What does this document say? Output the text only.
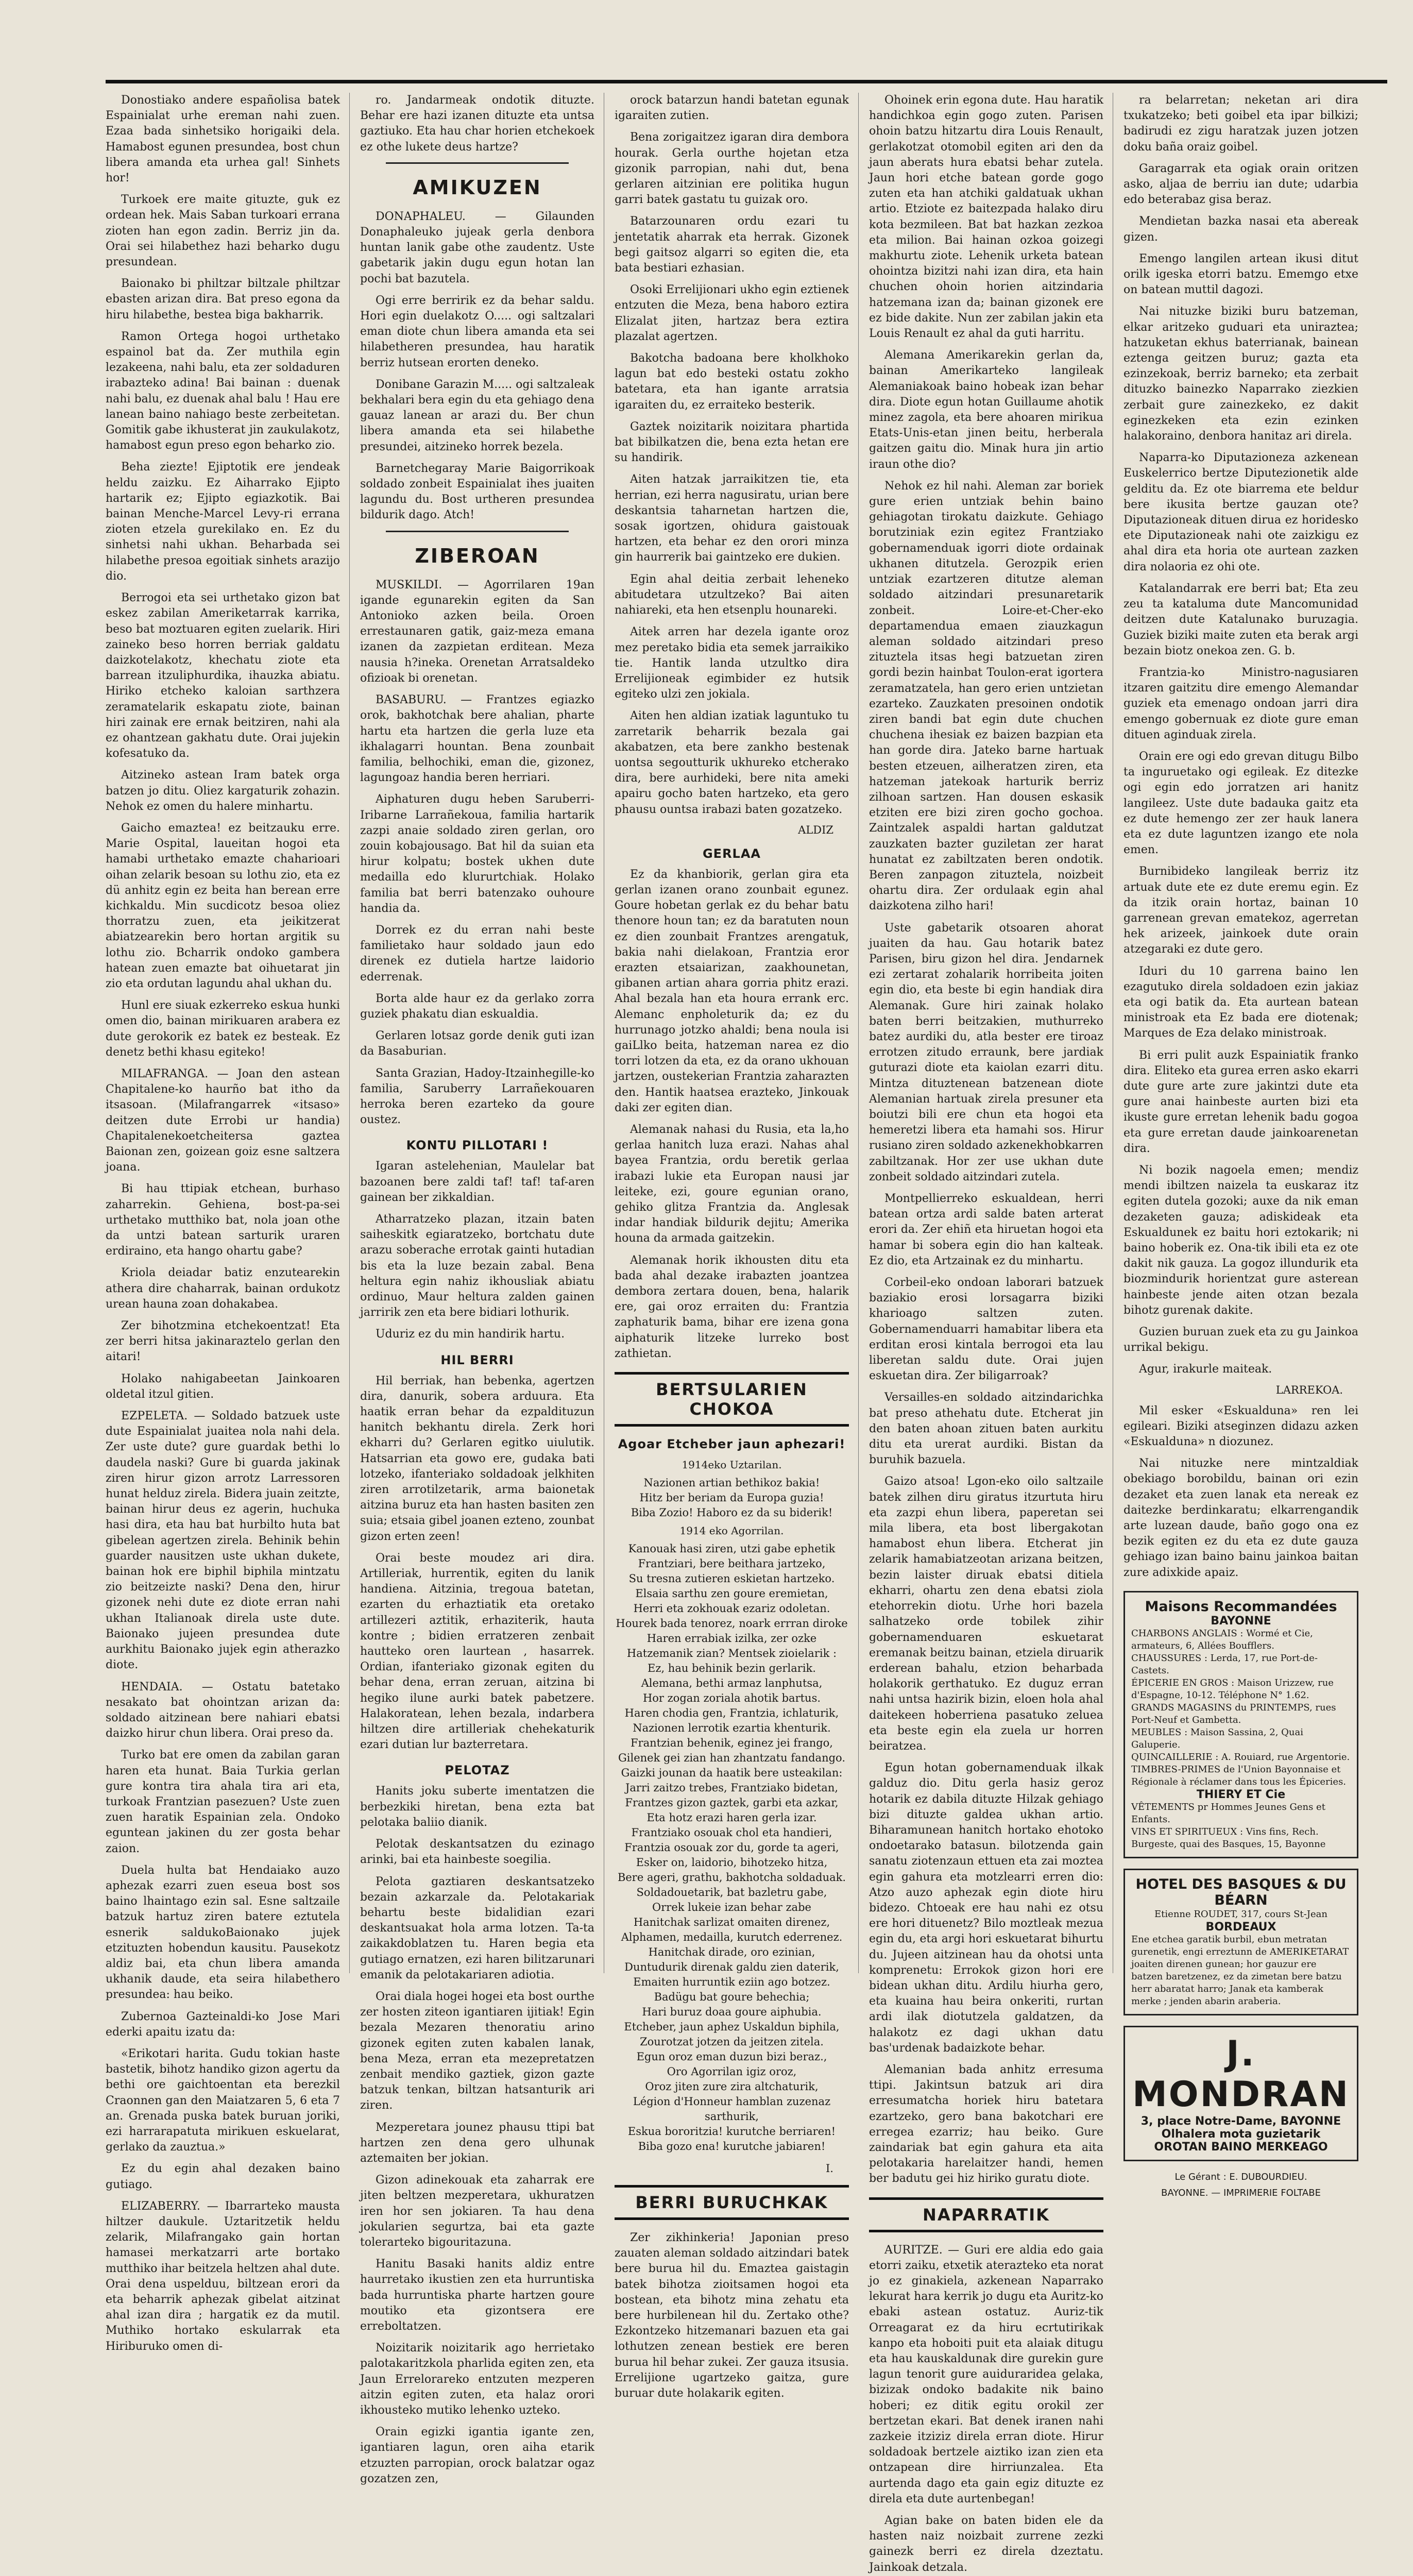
Donostiako andere españolisa batek Espainialat urhe ereman nahi zuen. Ezaa bada sinhetsiko horigaiki dela. Hamabost egunen presundea, bost chun libera amanda eta urhea gal! Sinhets hor!

Turkoek ere maite gituzte, guk ez ordean hek. Mais Saban turkoari errana zioten han egon zadin. Berriz jin da. Orai sei hilabethez hazi beharko dugu presundean.

Baionako bi philtzar biltzale philtzar ebasten arizan dira. Bat preso egona da hiru hilabethe, bestea biga bakharrik.

Ramon Ortega hogoi urthetako espainol bat da. Zer muthila egin lezakeena, nahi balu, eta zer soldaduren irabazteko adina! Bai bainan : duenak nahi balu, ez duenak ahal balu ! Hau ere lanean baino nahiago beste zerbeitetan. Gomitik gabe ikhusterat jin zaukulakotz, hamabost egun preso egon beharko zio.

Beha ziezte! Ejiptotik ere jendeak heldu zaizku. Ez Aiharrako Ejipto hartarik ez; Ejipto egiazkotik. Bai bainan Menche-Marcel Levy-ri errana zioten etzela gurekilako en. Ez du sinhetsi nahi ukhan. Beharbada sei hilabethe presoa egoitiak sinhets arazijo dio.

Berrogoi eta sei urthetako gizon bat eskez zabilan Ameriketarrak karrika, beso bat moztuaren egiten zuelarik. Hiri zaineko beso horren berriak galdatu daizkotelakotz, khechatu ziote eta barrean itzuliphurdika, ihauzka abiatu. Hiriko etcheko kaloian sarthzera zeramatelarik eskapatu ziote, bainan hiri zainak ere ernak beitziren, nahi ala ez ohantzean gakhatu dute. Orai jujekin kofesatuko da.

Aitzineko astean Iram batek orga batzen jo ditu. Oliez kargaturik zohazin. Nehok ez omen du halere minhartu.

Gaicho emaztea! ez beitzauku erre. Marie Ospital, laueitan hogoi eta hamabi urthetako emazte chaharioari oihan zelarik besoan su lothu zio, eta ez dü anhitz egin ez beita han berean erre kichkaldu. Min sucdicotz besoa oliez thorratzu zuen, eta jeikitzerat abiatzearekin bero hortan argitik su lothu zio. Bcharrik ondoko gambera hatean zuen emazte bat oihuetarat jin zio eta ordutan lagundu ahal ukhan du.

Hunl ere siuak ezkerreko eskua hunki omen dio, bainan mirikuaren arabera ez dute gerokorik ez batek ez besteak. Ez denetz bethi khasu egiteko!

MILAFRANGA. — Joan den astean Chapitalene-ko haurño bat itho da itsasoan. (Milafrangarrek «itsaso» deitzen dute Errobi ur handia) Chapitalenekoetcheitersa gaztea Baionan zen, goizean goiz esne saltzera joana.

Bi hau ttipiak etchean, burhaso zaharrekin. Gehiena, bost-pa-sei urthetako mutthiko bat, nola joan othe da untzi batean sarturik uraren erdiraino, eta hango ohartu gabe?

Kriola deiadar batiz enzutearekin athera dire chaharrak, bainan ordukotz urean hauna zoan dohakabea.

Zer bihotzmina etchekoentzat! Eta zer berri hitsa jakinaraztelo gerlan den aitari!

Holako nahigabeetan Jainkoaren oldetal itzul gitien.

EZPELETA. — Soldado batzuek uste dute Espainialat juaitea nola nahi dela. Zer uste dute? gure guardak bethi lo daudela naski? Gure bi guarda jakinak ziren hirur gizon arrotz Larressoren hunat helduz zirela. Bidera juain zeitzte, bainan hirur deus ez agerin, huchuka hasi dira, eta hau bat hurbilto huta bat gibelean agertzen zirela. Behinik behin guarder nausitzen uste ukhan dukete, bainan hok ere biphil biphila mintzatu zio beitzeizte naski? Dena den, hirur gizonek nehi dute ez diote erran nahi ukhan Italianoak direla uste dute. Baionako jujeen presundea dute aurkhitu Baionako jujek egin atherazko diote.

HENDAIA. — Ostatu batetako nesakato bat ohointzan arizan da: soldado aitzinean bere nahiari ebatsi daizko hirur chun libera. Orai preso da.

Turko bat ere omen da zabilan garan haren eta hunat. Baia Turkia gerlan gure kontra tira ahala tira ari eta, turkoak Frantzian pasezuen? Uste zuen zuen haratik Espainian zela. Ondoko eguntean jakinen du zer gosta behar zaion.

Duela hulta bat Hendaiako auzo aphezak ezarri zuen eseua bost sos baino lhaintago ezin sal. Esne saltzaile batzuk hartuz ziren batere eztutela esnerik saldukoBaionako jujek etzituzten hobendun kausitu. Pausekotz aldiz bai, eta chun libera amanda ukhanik daude, eta seira hilabethero presundea: hau beiko.

Zubernoa Gazteinaldi-ko Jose Mari ederki apaitu izatu da:

«Erikotari harita. Gudu tokian haste bastetik, bihotz handiko gizon agertu da bethi ore gaichtoentan eta berezkil Craonnen gan den Maiatzaren 5, 6 eta 7 an. Grenada puska batek buruan joriki, ezi harrarapatuta mirikuen eskuelarat, gerlako da zauztua.»

Ez du egin ahal dezaken baino gutiago.

ELIZABERRY. — Ibarrarteko mausta hiltzer daukule. Uztaritzetik heldu zelarik, Milafrangako gain hortan hamasei merkatzarri arte bortako mutthiko ihar beitzela heltzen ahal dute. Orai dena uspelduu, biltzean erori da eta beharrik aphezak gibelat aitzinat ahal izan dira ; hargatik ez da mutil. Muthiko hortako eskularrak eta Hiriburuko omen di-

ro. Jandarmeak ondotik dituzte. Behar ere hazi izanen dituzte eta untsa gaztiuko. Eta hau char horien etchekoek ez othe lukete deus hartze?

AMIKUZEN

DONAPHALEU. — Gilaunden Donaphaleuko jujeak gerla denbora huntan lanik gabe othe zaudentz. Uste gabetarik jakin dugu egun hotan lan pochi bat bazutela.

Ogi erre berririk ez da behar saldu. Hori egin duelakotz O..... ogi saltzalari eman diote chun libera amanda eta sei hilabetheren presundea, hau haratik berriz hutsean erorten deneko.

Donibane Garazin M..... ogi saltzaleak bekhalari bera egin du eta gehiago dena gauaz lanean ar arazi du. Ber chun libera amanda eta sei hilabethe presundei, aitzineko horrek bezela.

Barnetchegaray Marie Baigorrikoak soldado zonbeit Espainialat ihes juaiten lagundu du. Bost urtheren presundea bildurik dago. Atch!

ZIBEROAN

MUSKILDI. — Agorrilaren 19an igande egunarekin egiten da San Antonioko azken beila. Oroen errestaunaren gatik, gaiz-meza emana izanen da zazpietan erditean. Meza nausia h?ineka. Orenetan Arratsaldeko ofizioak bi orenetan.

BASABURU. — Frantzes egiazko orok, bakhotchak bere ahalian, pharte hartu eta hartzen die gerla luze eta ikhalagarri hountan. Bena zounbait familia, belhochiki, eman die, gizonez, lagungoaz handia beren herriari.

Aiphaturen dugu heben Saruberri-Iribarne Larrañekoua, familia hartarik zazpi anaie soldado ziren gerlan, oro zouin kobajousago. Bat hil da suian eta hirur kolpatu; bostek ukhen dute medailla edo klururtchiak. Holako familia bat berri batenzako ouhoure handia da.

Dorrek ez du erran nahi beste familietako haur soldado jaun edo direnek ez dutiela hartze laidorio ederrenak.

Borta alde haur ez da gerlako zorra guziek phakatu dian eskualdia.

Gerlaren lotsaz gorde denik guti izan da Basaburian.

Santa Grazian, Hadoy-Itzainhegille-ko familia, Saruberry Larrañekouaren herroka beren ezarteko da goure oustez.

KONTU PILLOTARI !

Igaran astelehenian, Maulelar bat bazoanen bere zaldi taf! taf! taf-aren gainean ber zikkaldian.

Atharratzeko plazan, itzain baten saiheskitk egiaratzeko, bortchatu dute arazu soberache errotak gainti hutadian bis eta la luze bezain zabal. Bena heltura egin nahiz ikhousliak abiatu ordinuo, Maur heltura zalden gainen jarririk zen eta bere bidiari lothurik.

Uduriz ez du min handirik hartu.

HIL BERRI

Hil berriak, han bebenka, agertzen dira, danurik, sobera arduura. Eta haatik erran behar da ezpaldituzun hanitch bekhantu direla. Zerk hori ekharri du? Gerlaren egitko uiulutik. Hatsarrian eta gowo ere, gudaka bati lotzeko, ifanteriako soldadoak jelkhiten ziren arrotilzetarik, arma baionetak aitzina buruz eta han hasten basiten zen suia; etsaia gibel joanen ezteno, zounbat gizon erten zeen!

Orai beste moudez ari dira. Artilleriak, hurrentik, egiten du lanik handiena. Aitzinia, tregoua batetan, ezarten du erhaztiatik eta oretako artillezeri aztitik, erhaziterik, hauta kontre ; bidien erratzeren zenbait hautteko oren laurtean , hasarrek. Ordian, ifanteriako gizonak egiten du behar dena, erran zeruan, aitzina bi hegiko ilune aurki batek pabetzere. Halakoratean, lehen bezala, indarbera hiltzen dire artilleriak chehekaturik ezari dutian lur bazterretara.

PELOTAZ

Hanits joku suberte imentatzen die berbezkiki hiretan, bena ezta bat pelotaka baliio dianik.

Pelotak deskantsatzen du ezinago arinki, bai eta hainbeste soegilia.

Pelota gaztiaren deskantsatzeko bezain azkarzale da. Pelotakariak behartu beste bidalidian ezari deskantsuakat hola arma lotzen. Ta-ta zaikakdoblatzen tu. Haren begia eta gutiago ernatzen, ezi haren bilitzarunari emanik da pelotakariaren adiotia.

Orai diala hogei hogei eta bost ourthe zer hosten ziteon igantiaren ijitiak! Egin bezala Mezaren thenoratiu arino gizonek egiten zuten kabalen lanak, bena Meza, erran eta mezepretatzen zenbait mendiko gaztiek, gizon gazte batzuk tenkan, biltzan hatsanturik ari ziren.

Mezperetara jounez phausu ttipi bat hartzen zen dena gero ulhunak aztemaiten ber jokian.

Gizon adinekouak eta zaharrak ere jiten beltzen mezperetara, ukhuratzen iren hor sen jokiaren. Ta hau dena jokularien segurtza, bai eta gazte tolerarteko bigouritazuna.

Hanitu Basaki hanits aldiz entre haurretako ikustien zen eta hurruntiska bada hurruntiska pharte hartzen goure moutiko eta gizontsera ere erreboltatzen.

Noizitarik noizitarik ago herrietako palotakaritzkola pharlida egiten zen, eta Jaun Errelorareko entzuten mezperen aitzin egiten zuten, eta halaz orori ikhousteko mutiko lehenko uzteko.

Orain egizki igantia igante zen, igantiaren lagun, oren aiha etarik etzuzten parropian, orock balatzar ogaz gozatzen zen,

orock batarzun handi batetan egunak igaraiten zutien.

Bena zorigaitzez igaran dira dembora hourak. Gerla ourthe hojetan etza gizonik parropian, nahi dut, bena gerlaren aitzinian ere politika hugun garri batek gastatu tu guizak oro.

Batarzounaren ordu ezari tu jentetatik aharrak eta herrak. Gizonek begi gaitsoz algarri so egiten die, eta bata bestiari ezhasian.

Osoki Errelijionari ukho egin eztienek entzuten die Meza, bena haboro eztira Elizalat jiten, hartzaz bera eztira plazalat agertzen.

Bakotcha badoana bere kholkhoko lagun bat edo besteki ostatu zokho batetara, eta han igante arratsia igaraiten du, ez erraiteko besterik.

Gaztek noizitarik noizitara phartida bat bibilkatzen die, bena ezta hetan ere su handirik.

Aiten hatzak jarraikitzen tie, eta herrian, ezi herra nagusiratu, urian bere deskantsia taharnetan hartzen die, sosak igortzen, ohidura gaistouak hartzen, eta behar ez den orori minza gin haurrerik bai gaintzeko ere dukien.

Egin ahal deitia zerbait leheneko abitudetara utzultzeko? Bai aiten nahiareki, eta hen etsenplu hounareki.

Aitek arren har dezela igante oroz mez peretako bidia eta semek jarraikiko tie. Hantik landa utzultko dira Errelijioneak egimbider ez hutsik egiteko ulzi zen jokiala.

Aiten hen aldian izatiak laguntuko tu zarretarik beharrik bezala gai akabatzen, eta bere zankho bestenak uontsa segoutturik ukhureko etcherako dira, bere aurhideki, bere nita ameki apairu gocho baten hartzeko, eta gero phausu ountsa irabazi baten gozatzeko.

ALDIZ
GERLAA

Ez da khanbiorik, gerlan gira eta gerlan izanen orano zounbait egunez. Goure hobetan gerlak ez du behar batu thenore houn tan; ez da baratuten noun ez dien zounbait Frantzes arengatuk, bakia nahi dielakoan, Frantzia eror erazten etsaiarizan, zaakhounetan, gibanen artian ahara gorria phitz erazi. Ahal bezala han eta houra errank erc. Alemanc enpholeturik da; ez du hurrunago jotzko ahaldi; bena noula isi gaiLlko beita, hatzeman narea ez dio torri lotzen da eta, ez da orano ukhouan jartzen, oustekerian Frantzia zaharazten den. Hantik haatsea erazteko, Jinkouak daki zer egiten dian.

Alemanak nahasi du Rusia, eta la,ho gerlaa hanitch luza erazi. Nahas ahal bayea Frantzia, ordu beretik gerlaa irabazi lukie eta Europan nausi jar leiteke, ezi, goure egunian orano, gehiko glitza Frantzia da. Anglesak indar handiak bildurik dejitu; Amerika houna da armada gaitzekin.

Alemanak horik ikhousten ditu eta bada ahal dezake irabazten joantzea dembora zertara douen, bena, halarik ere, gai oroz erraiten du: Frantzia zaphaturik bama, bihar ere izena gona aiphaturik litzeke lurreko bost zathietan.

BERTSULARIEN CHOKOA
Agoar Etcheber jaun aphezari!
1914eko Uztarilan.
Nazionen artian bethikoz bakia!
Hitz ber beriam da Europa guzia!
Biba Zozio! Haboro ez da su biderik!
1914 eko Agorrilan.
Kanouak hasi ziren, utzi gabe ephetik
Frantziari, bere beithara jartzeko,
Su tresna zutieren eskietan hartzeko.
Elsaia sarthu zen goure eremietan,
Herri eta zokhouak ezariz odoletan.
Hourek bada tenorez, noark errran diroke
Haren errabiak izilka, zer ozke
Hatzemanik zian? Mentsek zioielarik :
Ez, hau behinik bezin gerlarik.
Alemana, bethi armaz lanphutsa,
Hor zogan zoriala ahotik bartus.
Haren chodia gen, Frantzia, ichlaturik,
Nazionen lerrotik ezartia khenturik.
Frantzian behenik, eginez jei frango,
Gilenek gei zian han zhantzatu fandango.
Gaizki jounan da haatik bere usteakilan:
Jarri zaitzo trebes, Frantziako bidetan,
Frantzes gizon gaztek, garbi eta azkar,
Eta hotz erazi haren gerla izar.
Frantziako osouak chol eta handieri,
Frantzia osouak zor du, gorde ta ageri,
Esker on, laidorio, bihotzeko hitza,
Bere ageri, grathu, bakhotcha soldaduak.
Soldadouetarik, bat bazletru gabe,
Orrek lukeie izan behar zabe
Hanitchak sarlizat omaiten direnez,
Alphamen, medailla, kurutch ederrenez.
Hanitchak dirade, oro ezinian,
Duntudurik direnak galdu zien daterik,
Emaiten hurruntik eziin ago botzez.
Badügu bat goure behechia;
Hari buruz doaa goure aiphubia.
Etcheber, jaun aphez Uskaldun biphila,
Zourotzat jotzen da jeitzen zitela.
Egun oroz eman duzun bizi beraz.,
Oro Agorrilan igiz oroz,
Oroz jiten zure zira altchaturik,
Légion d'Honneur hamblan zuzenaz sarthurik,
Eskua bororitzia! kurutche berriaren!
Biba gozo ena! kurutche jabiaren!
I.
BERRI BURUCHKAK

Zer zikhinkeria! Japonian preso zauaten aleman soldado aitzindari batek bere burua hil du. Emaztea gaistagin batek bihotza zioitsamen hogoi eta bostean, eta bihotz mina zehatu eta bere hurbilenean hil du. Zertako othe? Ezkontzeko hitzemanari bazuen eta gai lothutzen zenean bestiek ere beren burua hil behar zukei. Zer gauza itsusia. Errelijione ugartzeko gaitza, gure buruar dute holakarik egiten.

Ohoinek erin egona dute. Hau haratik handichkoa egin gogo zuten. Parisen ohoin batzu hitzartu dira Louis Renault, gerlakotzat otomobil egiten ari den da jaun aberats hura ebatsi behar zutela. Jaun hori etche batean gorde gogo zuten eta han atchiki galdatuak ukhan artio. Etziote ez baitezpada halako diru kota bezmileen. Bat bat hazkan zezkoa eta milion. Bai hainan ozkoa goizegi makhurtu ziote. Lehenik urketa batean ohointza bizitzi nahi izan dira, eta hain chuchen ohoin horien aitzindaria hatzemana izan da; bainan gizonek ere ez bide dakite. Nun zer zabilan jakin eta Louis Renault ez ahal da guti harritu.

Alemana Amerikarekin gerlan da, bainan Amerikarteko langileak Alemaniakoak baino hobeak izan behar dira. Diote egun hotan Guillaume ahotik minez zagola, eta bere ahoaren mirikua Etats-Unis-etan jinen beitu, herberala gaitzen gaitu dio. Minak hura jin artio iraun othe dio?

Nehok ez hil nahi. Aleman zar boriek gure erien untziak behin baino gehiagotan tirokatu daizkute. Gehiago borutziniak ezin egitez Frantziako gobernamenduak igorri diote ordainak ukhanen ditutzela. Gerozpik erien untziak ezartzeren ditutze aleman soldado aitzindari presunaretarik zonbeit. Loire-et-Cher-eko departamendua emaen ziauzkagun aleman soldado aitzindari preso zituztela itsas hegi batzuetan ziren gordi bezin hainbat Toulon-erat igortera zeramatzatela, han gero erien untzietan ezarteko. Zauzkaten presoinen ondotik ziren bandi bat egin dute chuchen chuchena ihesiak ez baizen bazpian eta han gorde dira. Jateko barne hartuak besten etzeuen, ailheratzen ziren, eta hatzeman jatekoak harturik berriz zilhoan sartzen. Han dousen eskasik etziten ere bizi ziren gocho gochoa. Zaintzalek aspaldi hartan galdutzat zauzkaten bazter guziletan zer harat hunatat ez zabiltzaten beren ondotik. Beren zanpagon zituztela, noizbeit ohartu dira. Zer ordulaak egin ahal daizkotena zilho hari!

Uste gabetarik otsoaren ahorat juaiten da hau. Gau hotarik batez Parisen, biru gizon hel dira. Jendarnek ezi zertarat zohalarik horribeita joiten egin dio, eta beste bi egin handiak dira Alemanak. Gure hiri zainak holako baten berri beitzakien, muthurreko batez aurdiki du, atla bester ere tiroaz errotzen zitudo erraunk, bere jardiak guturazi diote eta kaiolan ezarri ditu. Mintza dituztenean batzenean diote Alemanian hartuak zirela presuner eta boiutzi bili ere chun eta hogoi eta hemeretzi libera eta hamahi sos. Hirur rusiano ziren soldado azkenekhobkarren zabiltzanak. Hor zer use ukhan dute zonbeit soldado aitzindari zutela.

Montpellierreko eskualdean, herri batean ortza ardi salde baten arterat erori da. Zer ehiñ eta hiruetan hogoi eta hamar bi sobera egin dio han kalteak. Ez dio, eta Artzainak ez du minhartu.

Corbeil-eko ondoan laborari batzuek baziakio erosi lorsagarra biziki kharioago saltzen zuten. Gobernamenduarri hamabitar libera eta erditan erosi kintala berrogoi eta lau liberetan saldu dute. Orai jujen eskuetan dira. Zer biligarroak?

Versailles-en soldado aitzindarichka bat preso athehatu dute. Etcherat jin den baten ahoan zituen baten aurkitu ditu eta urerat aurdiki. Bistan da buruhik bazuela.

Gaizo atsoa! Lgon-eko oilo saltzaile batek zilhen diru giratus itzurtuta hiru eta zazpi ehun libera, paperetan sei mila libera, eta bost libergakotan hamabost ehun libera. Etcherat jin zelarik hamabiatzeotan arizana beitzen, bezin laister diruak ebatsi ditiela ekharri, ohartu zen dena ebatsi ziola etehorrekin diotu. Urhe hori bazela salhatzeko orde tobilek zihir gobernamenduaren eskuetarat eremanak beitzu bainan, etziela diruarik erderean bahalu, etzion beharbada holakorik gerthatuko. Ez duguz erran nahi untsa hazirik bizin, eloen hola ahal daitekeen hoberriena pasatuko zeluea eta beste egin ela zuela ur horren beiratzea.

Egun hotan gobernamenduak ilkak galduz dio. Ditu gerla hasiz geroz hotarik ez dabila dituzte Hilzak gehiago bizi dituzte galdea ukhan artio. Biharamunean hanitch hortako ehotoko ondoetarako batasun. bilotzenda gain sanatu ziotenzaun ettuen eta zai moztea egin gahura eta motzlearri erren dio: Atzo auzo aphezak egin diote hiru bidezo. Chtoeak ere hau nahi ez otsu ere hori dituenetz? Bilo moztleak mezua egin du, eta argi hori eskuetarat bihurtu du. Jujeen aitzinean hau da ohotsi unta komprenetu: Errokok gizon hori ere bidean ukhan ditu. Ardilu hiurha gero, eta kuaina hau beira onkeriti, rurtan ardi ilak diotutzela galdatzen, da halakotz ez dagi ukhan datu bas'urdenak badaizkote behar.

Alemanian bada anhitz erresuma ttipi. Jakintsun batzuk ari dira erresumatcha horiek hiru batetara ezartzeko, gero bana bakotchari ere erregea ezarriz; hau beiko. Gure zaindariak bat egin gahura eta aita pelotakaria harelaitzer handi, hemen ber badutu gei hiz hiriko guratu diote.

NAPARRATIK

AURITZE. — Guri ere aldia edo gaia etorri zaiku, etxetik aterazteko eta norat jo ez ginakiela, azkenean Naparrako lekurat hara kerrik jo dugu eta Auritz-ko ebaki astean ostatuz. Auriz-tik Orreagarat ez da hiru ecrtutirikak kanpo eta hoboiti puit eta alaiak ditugu eta hau kauskaldunak dire gurekin gure lagun tenorit gure auiduraridea gelaka, bizizak ondoko badakite nik baino hoberi; ez ditik egitu orokil zer bertzetan ekari. Bat denek iranen nahi zazkeie itziziz direla erran diote. Hirur soldadoak bertzele aiztiko izan zien eta ontzapean dire hirriunzalea. Eta aurtenda dago eta gain egiz dituzte ez direla eta dute aurtenbegan!

Agian bake on baten biden ele da hasten naiz noizbait zurrene zezki gainezk berri ez direla dzeztatu. Jainkoak detzala.

ra belarretan; neketan ari dira txukatzeko; beti goibel eta ipar bilkizi; badirudi ez zigu haratzak juzen jotzen doku baña oraiz goibel.

Garagarrak eta ogiak orain oritzen asko, aljaa de berriu ian dute; udarbia edo beterabaz gisa beraz.

Mendietan bazka nasai eta abereak gizen.

Emengo langilen artean ikusi ditut orilk igeska etorri batzu. Ememgo etxe on batean muttil dagozi.

Nai nituzke biziki buru batzeman, elkar aritzeko guduari eta uniraztea; hatzuketan ekhus baterrianak, bainean eztenga geitzen buruz; gazta eta ezinzekoak, berriz barneko; eta zerbait dituzko bainezko Naparrako ziezkien zerbait gure zainezkeko, ez dakit eginezkeken eta ezin ezinken halakoraino, denbora hanitaz ari direla.

Naparra-ko Diputazioneza azkenean Euskelerrico bertze Diputezionetik alde gelditu da. Ez ote biarrema ete beldur bere ikusita bertze gauzan ote? Diputazioneak dituen dirua ez horidesko ete Diputazioneak nahi ote zaizkigu ez ahal dira eta horia ote aurtean zazken dira nolaoria ez ohi ote.

Katalandarrak ere berri bat; Eta zeu zeu ta kataluma dute Mancomunidad deitzen dute Katalunako buruzagia. Guziek biziki maite zuten eta berak argi bezain biotz onekoa zen. G. b.

Frantzia-ko Ministro-nagusiaren itzaren gaitzitu dire emengo Alemandar guziek eta emenago ondoan jarri dira emengo gobernuak ez diote gure eman dituen aginduak zirela.

Orain ere ogi edo grevan ditugu Bilbo ta inguruetako ogi egileak. Ez ditezke ogi egin edo jorratzen ari hanitz langileez. Uste dute badauka gaitz eta ez dute hemengo zer zer hauk lanera eta ez dute laguntzen izango ete nola emen.

Burnibideko langileak berriz itz artuak dute ete ez dute eremu egin. Ez da itzik orain hortaz, bainan 10 garrenean grevan ematekoz, agerretan hek arizeek, jainkoek dute orain atzegaraki ez dute gero.

Iduri du 10 garrena baino len ezagutuko direla soldadoen ezin jakiaz eta ogi batik da. Eta aurtean batean ministroak eta Ez bada ere diotenak; Marques de Eza delako ministroak.

Bi erri pulit auzk Espainiatik franko dira. Eliteko eta gurea erren asko ekarri dute gure arte zure jakintzi dute eta gure anai hainbeste aurten bizi eta ikuste gure erretan lehenik badu gogoa eta gure erretan daude jainkoarenetan dira.

Ni bozik nagoela emen; mendiz mendi ibiltzen naizela ta euskaraz itz egiten dutela gozoki; auxe da nik eman dezaketen gauza; adiskideak eta Eskualdunek ez baitu hori eztokarik; ni baino hoberik ez. Ona-tik ibili eta ez ote dakit nik gauza. La gogoz illundurik eta biozmindurik horientzat gure asterean hainbeste jende aiten otzan bezala bihotz gurenak dakite.

Guzien buruan zuek eta zu gu Jainkoa urrikal bekigu.

Agur, irakurle maiteak.

LARREKOA.

Mil esker «Eskualduna» ren lei egileari. Biziki atseginzen didazu azken «Eskualduna» n diozunez.

Nai nituzke nere mintzaldiak obekiago borobildu, bainan ori ezin dezaket eta zuen lanak eta nereak ez daitezke berdinkaratu; elkarrengandik arte luzean daude, baño gogo ona ez bezik egiten ez du eta ez dute gauza gehiago izan baino bainu jainkoa baitan zure adixkide apaiz.

Maisons Recommandées
BAYONNE
CHARBONS ANGLAIS : Wormé et Cie, armateurs, 6, Allées Boufflers.
CHAUSSURES : Lerda, 17, rue Port-de-Castets.
ÉPICERIE EN GROS : Maison Urizzew, rue d'Espagne, 10-12. Téléphone N° 1.62.
GRANDS MAGASINS du PRINTEMPS, rues Port-Neuf et Gambetta.
MEUBLES : Maison Sassina, 2, Quai Galuperie.
QUINCAILLERIE : A. Rouiard, rue Argentorie.
TIMBRES-PRIMES de l'Union Bayonnaise et Régionale à réclamer dans tous les Épiceries.
THIERY ET Cie
VÊTEMENTS pr Hommes Jeunes Gens et Enfants.
VINS ET SPIRITUEUX : Vins fins, Rech. Burgeste, quai des Basques, 15, Bayonne
HOTEL DES BASQUES & DU BÉARN
Etienne ROUDET, 317, cours St-Jean
BORDEAUX
Ene etchea garatik burbil, ebun metratan gurenetik, engi erreztunn de AMERIKETARAT joaiten direnen gunean; hor gauzur ere batzen baretzenez, ez da zimetan bere batzu herr abaratat harro; Janak eta kamberak merke ; jenden abarin araberia.
J. MONDRAN
3, place Notre-Dame, BAYONNE
Olhalera mota guzietarik
OROTAN BAINO MERKEAGO
Le Gérant : E. DUBOURDIEU.
BAYONNE. — IMPRIMERIE FOLTABE
